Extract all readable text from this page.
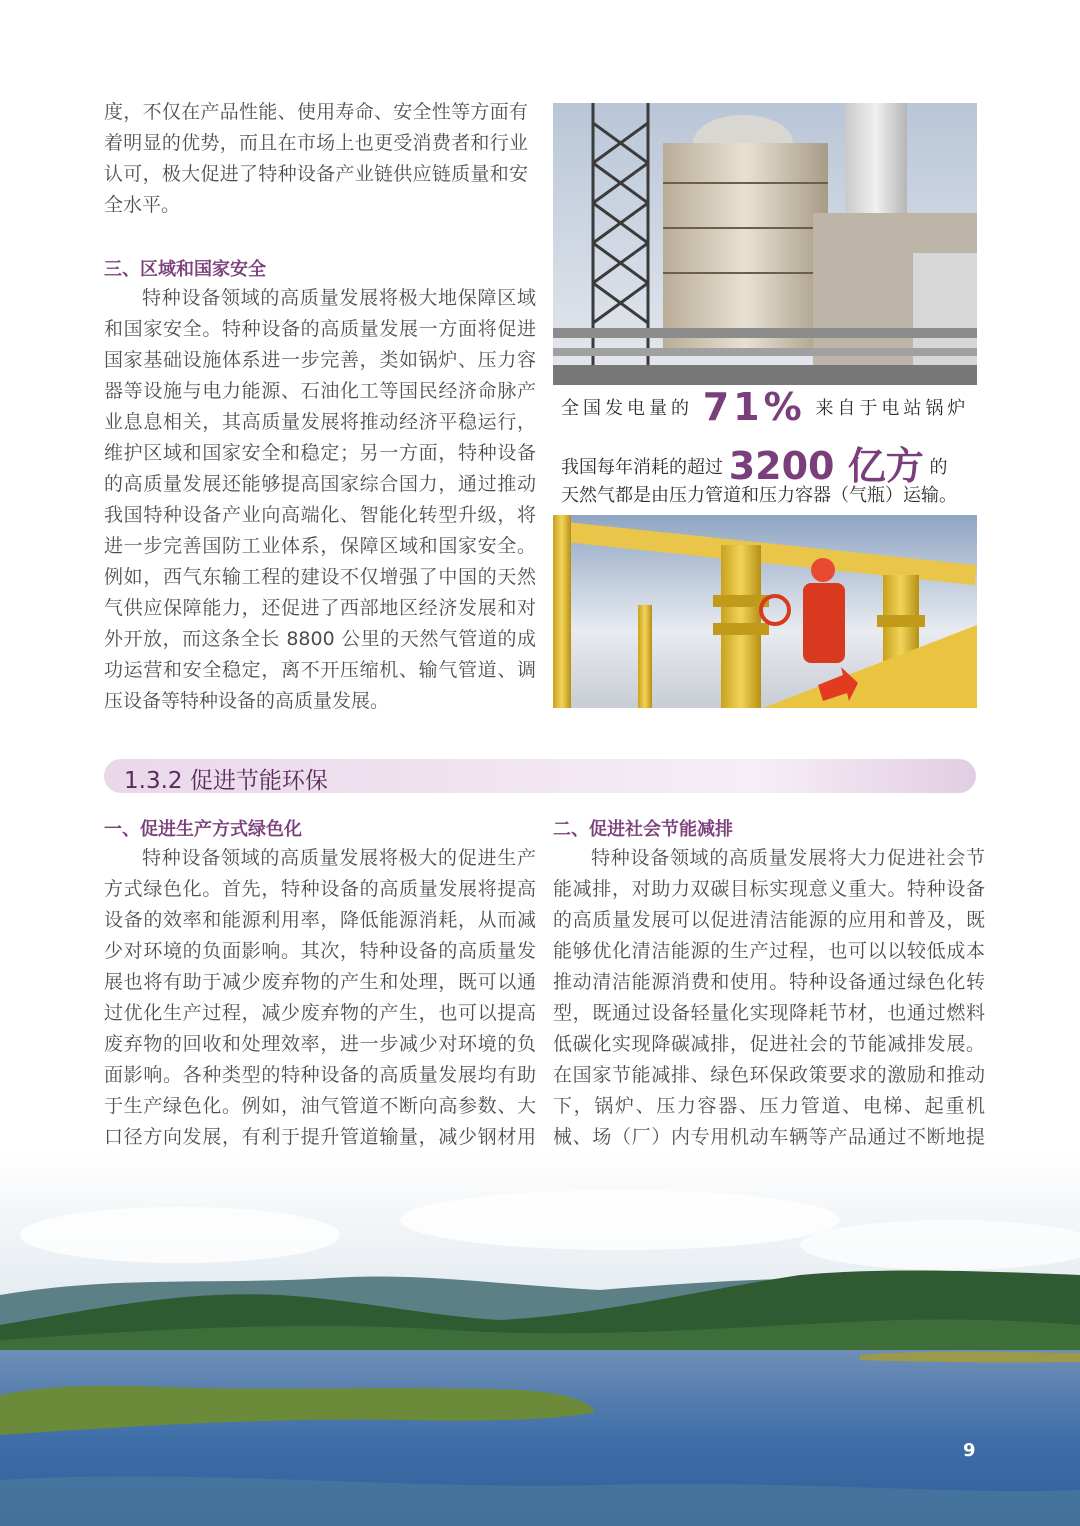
度，不仅在产品性能、使用寿命、安全性等方面有着明显的优势，而且在市场上也更受消费者和行业认可，极大促进了特种设备产业链供应链质量和安全水平。

三、区域和国家安全

特种设备领域的高质量发展将极大地保障区域和国家安全。特种设备的高质量发展一方面将促进国家基础设施体系进一步完善，类如锅炉、压力容器等设施与电力能源、石油化工等国民经济命脉产业息息相关，其高质量发展将推动经济平稳运行，维护区域和国家安全和稳定；另一方面，特种设备的高质量发展还能够提高国家综合国力，通过推动我国特种设备产业向高端化、智能化转型升级，将进一步完善国防工业体系，保障区域和国家安全。例如，西气东输工程的建设不仅增强了中国的天然气供应保障能力，还促进了西部地区经济发展和对外开放，而这条全长 8800 公里的天然气管道的成功运营和安全稳定，离不开压缩机、输气管道、调压设备等特种设备的高质量发展。

全国发电量的 71% 来自于电站锅炉
我国每年消耗的超过 3200 亿方 的
天然气都是由压力管道和压力容器（气瓶）运输。
1.3.2 促进节能环保
一、促进生产方式绿色化

特种设备领域的高质量发展将极大的促进生产方式绿色化。首先，特种设备的高质量发展将提高设备的效率和能源利用率，降低能源消耗，从而减少对环境的负面影响。其次，特种设备的高质量发展也将有助于减少废弃物的产生和处理，既可以通过优化生产过程，减少废弃物的产生，也可以提高废弃物的回收和处理效率，进一步减少对环境的负面影响。各种类型的特种设备的高质量发展均有助于生产绿色化。例如，油气管道不断向高参数、大口径方向发展，有利于提升管道输量，减少钢材用

二、促进社会节能减排

特种设备领域的高质量发展将大力促进社会节能减排，对助力双碳目标实现意义重大。特种设备的高质量发展可以促进清洁能源的应用和普及，既能够优化清洁能源的生产过程，也可以以较低成本推动清洁能源消费和使用。特种设备通过绿色化转型，既通过设备轻量化实现降耗节材，也通过燃料低碳化实现降碳减排，促进社会的节能减排发展。在国家节能减排、绿色环保政策要求的激励和推动下，锅炉、压力容器、压力管道、电梯、起重机械、场（厂）内专用机动车辆等产品通过不断地提

9
